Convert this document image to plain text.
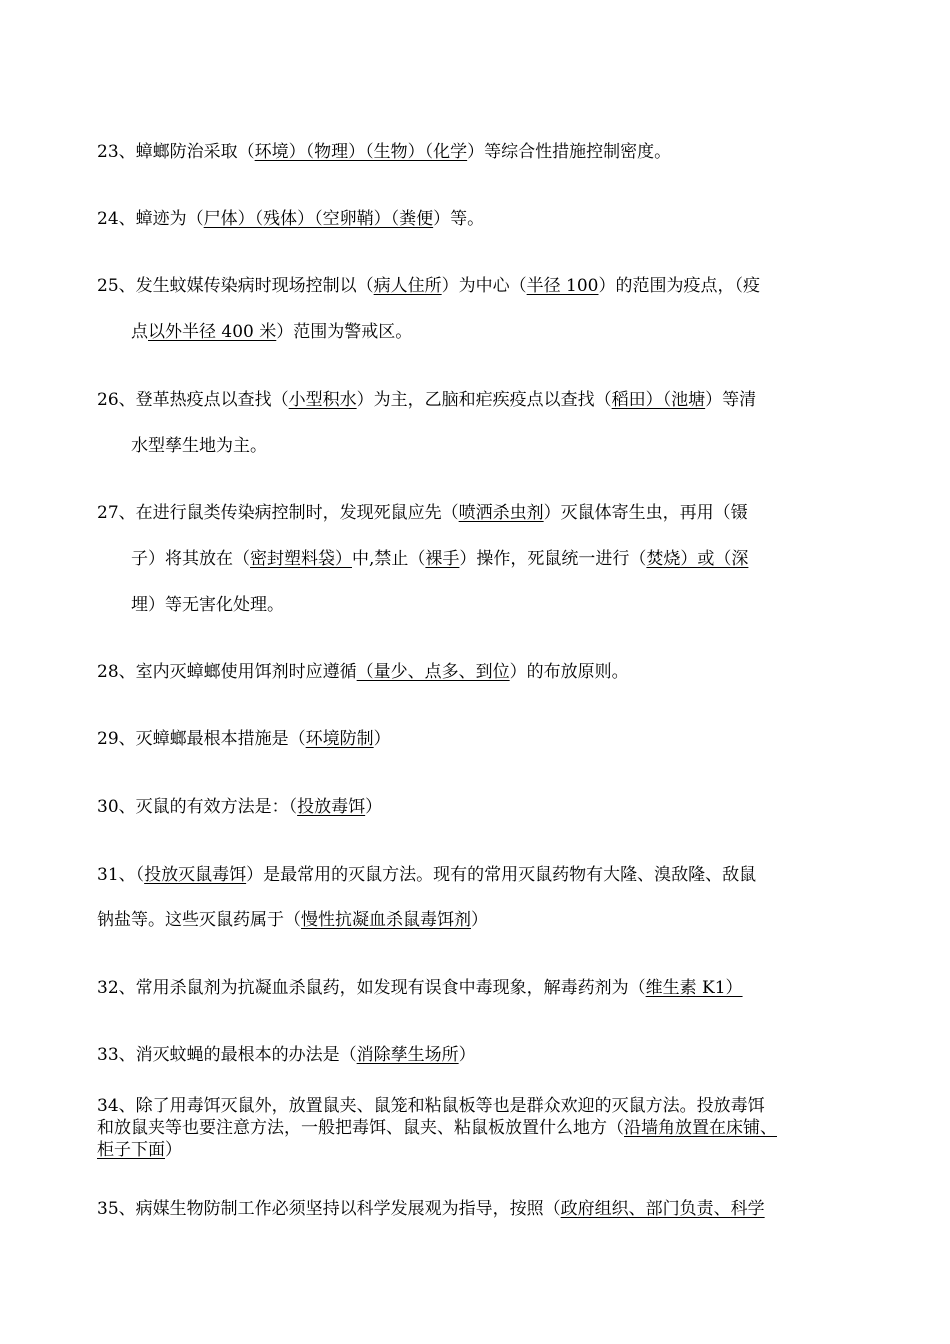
23、蟑螂防治采取（环境）（物理）（生物）（化学）等综合性措施控制密度。

24、蟑迹为（尸体）（残体）（空卵鞘）（粪便）等。

25、发生蚊媒传染病时现场控制以（病人住所）为中心（半径 100）的范围为疫点，（疫

点以外半径 400 米）范围为警戒区。

26、登革热疫点以查找（小型积水）为主，乙脑和疟疾疫点以查找（稻田）（池塘）等清

水型孳生地为主。

27、在进行鼠类传染病控制时，发现死鼠应先（喷洒杀虫剂）灭鼠体寄生虫，再用（镊

子）将其放在（密封塑料袋）中,禁止（裸手）操作，死鼠统一进行（焚烧）或（深

埋）等无害化处理。

28、室内灭蟑螂使用饵剂时应遵循（量少、点多、到位）的布放原则。

29、灭蟑螂最根本措施是（环境防制）

30、灭鼠的有效方法是：（投放毒饵）

31、（投放灭鼠毒饵）是最常用的灭鼠方法。现有的常用灭鼠药物有大隆、溴敌隆、敌鼠

钠盐等。这些灭鼠药属于（慢性抗凝血杀鼠毒饵剂）

32、常用杀鼠剂为抗凝血杀鼠药，如发现有误食中毒现象，解毒药剂为（维生素 K1）

33、消灭蚊蝇的最根本的办法是（消除孳生场所）

34、除了用毒饵灭鼠外，放置鼠夹、鼠笼和粘鼠板等也是群众欢迎的灭鼠方法。投放毒饵

和放鼠夹等也要注意方法，一般把毒饵、鼠夹、粘鼠板放置什么地方（沿墙角放置在床铺、

柜子下面）

35、病媒生物防制工作必须坚持以科学发展观为指导，按照（政府组织、部门负责、科学
